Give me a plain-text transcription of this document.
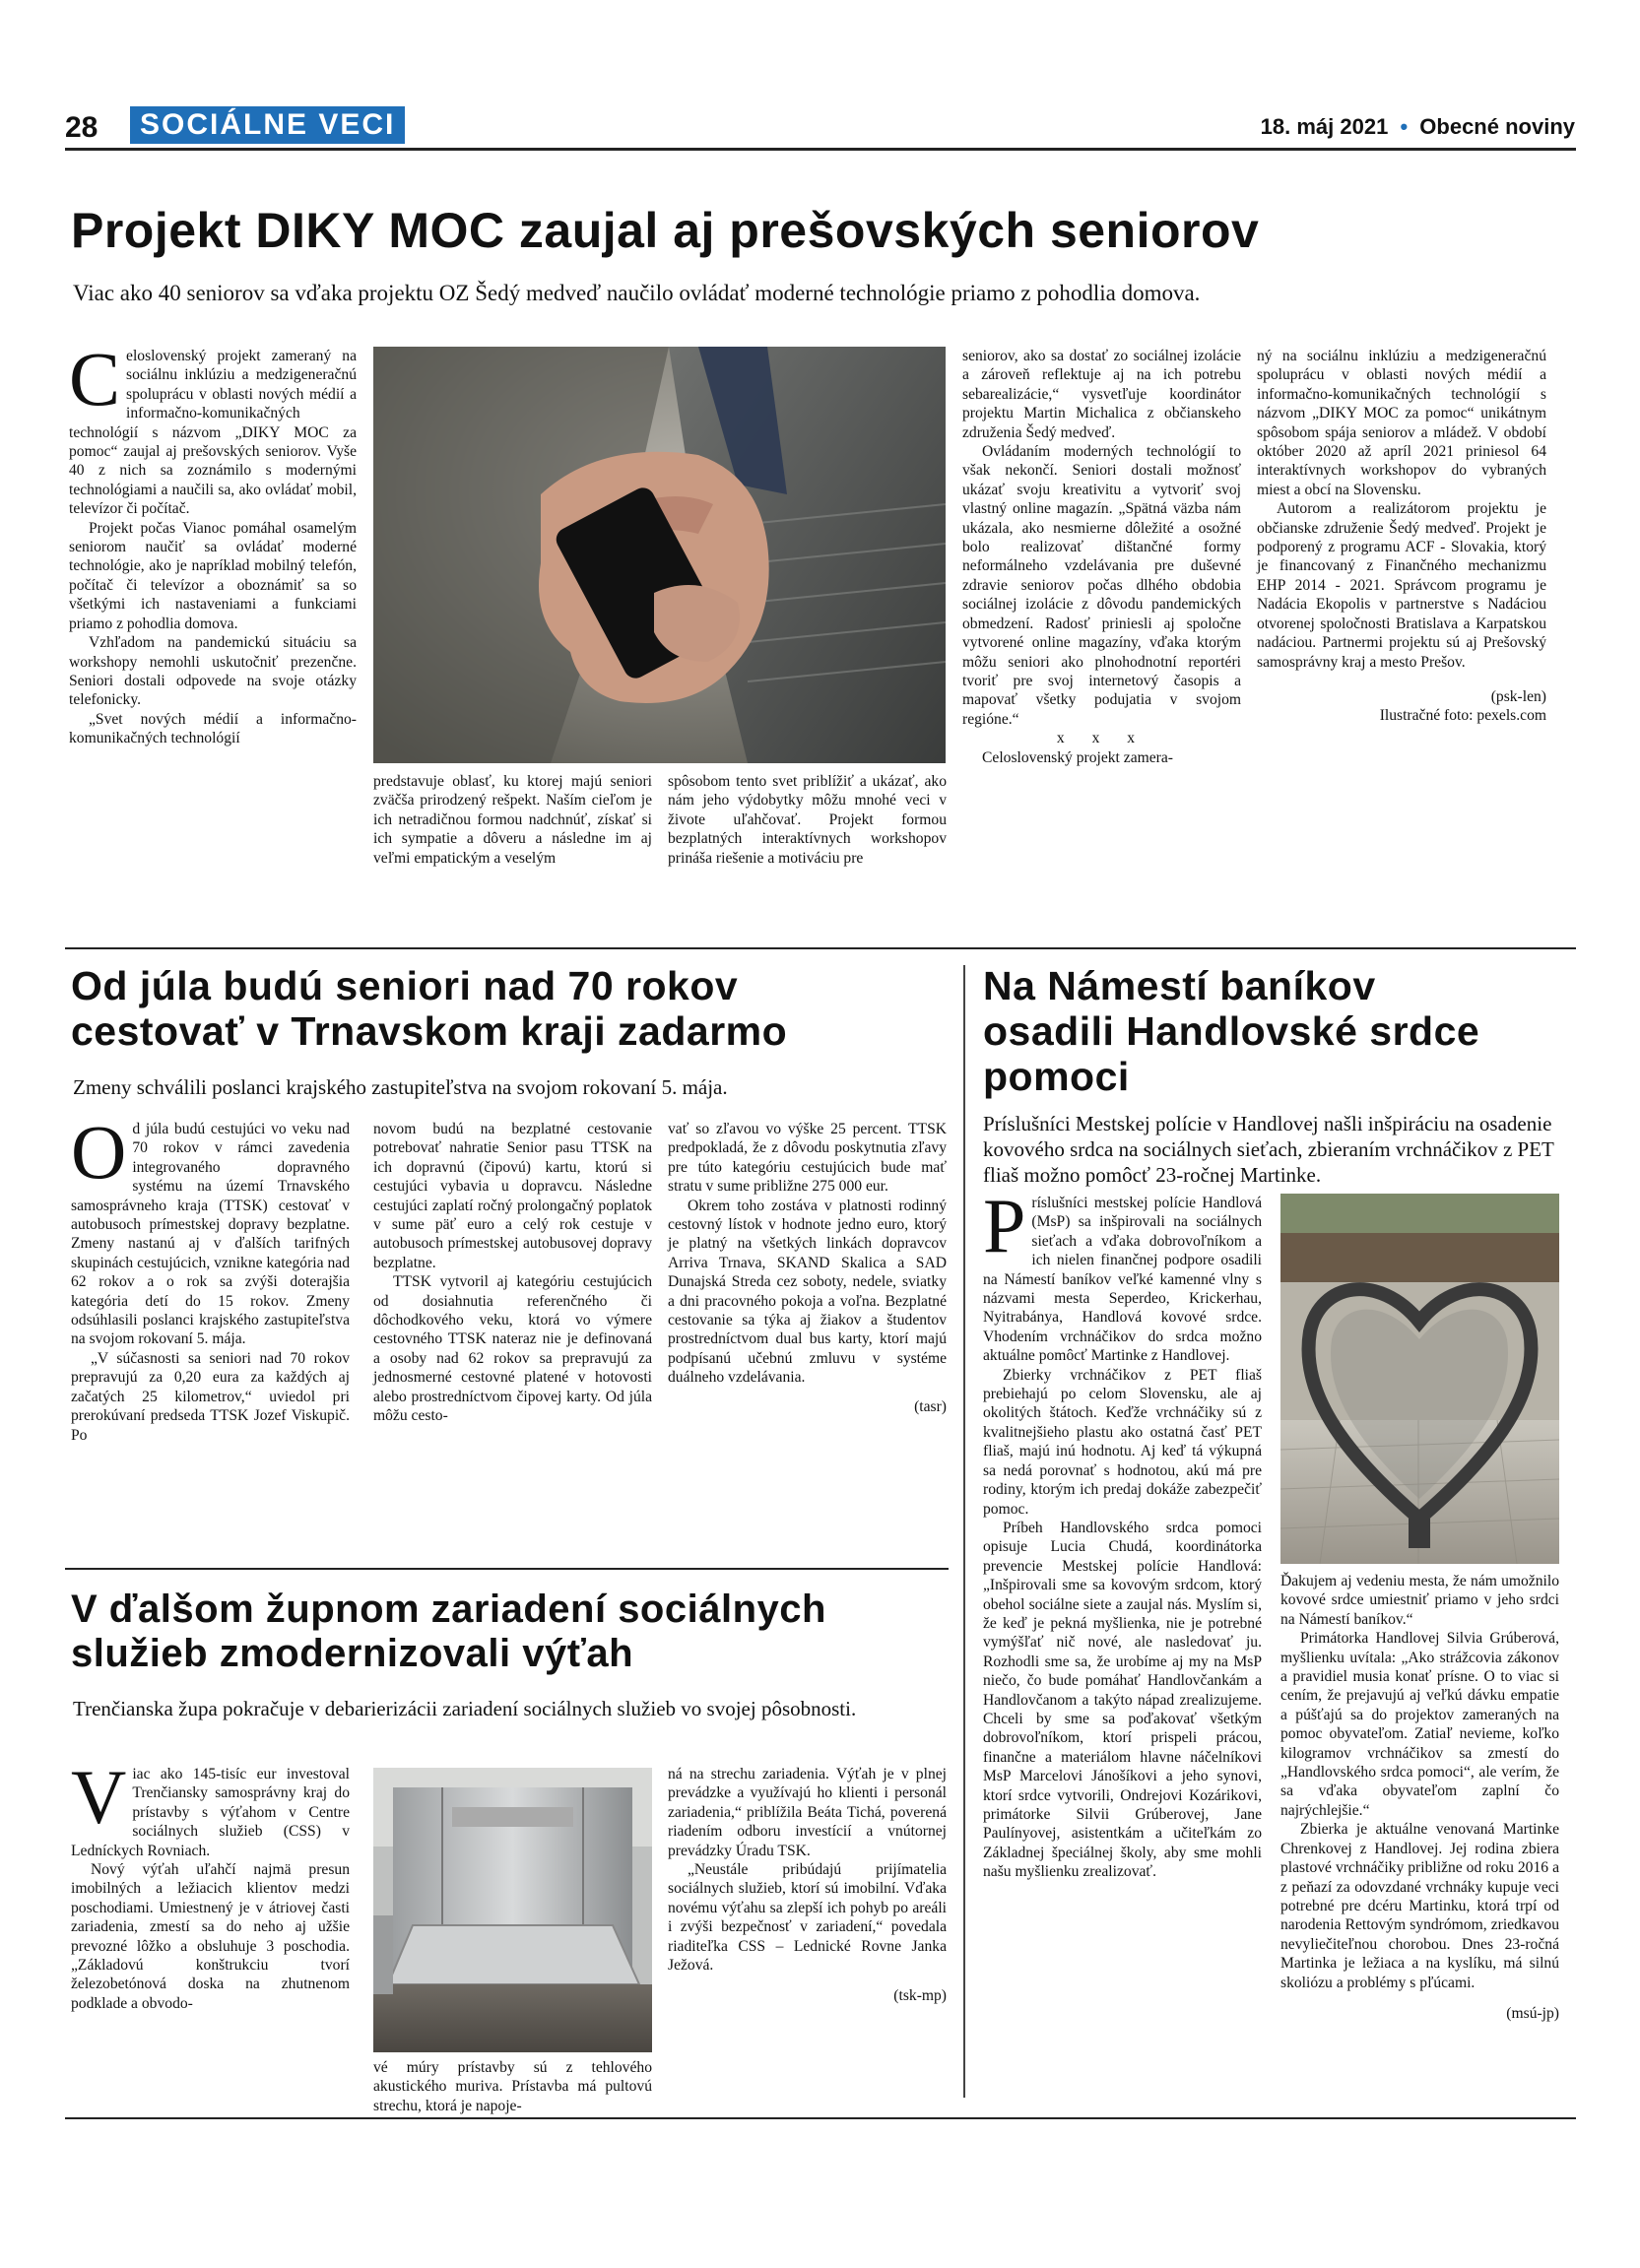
28	SOCIÁLNE VECI	18. máj 2021 • Obecné noviny
Projekt DIKY MOC zaujal aj prešovských seniorov
Viac ako 40 seniorov sa vďaka projektu OZ Šedý medveď naučilo ovládať moderné technológie priamo z pohodlia domova.
C eloslovenský projekt zameraný na sociálnu inklúziu a medzigeneračnú spoluprácu v oblasti nových médií a informačno-komunikačných technológií s názvom „DIKY MOC za pomoc“ zaujal aj prešovských seniorov. Vyše 40 z nich sa zoznámilo s modernými technológiami a naučili sa, ako ovládať mobil, televízor či počítač.

Projekt počas Vianoc pomáhal osamelým seniorom naučiť sa ovládať moderné technológie, ako je napríklad mobilný telefón, počítač či televízor a oboznámiť sa so všetkými ich nastaveniami a funkciami priamo z pohodlia domova.

Vzhľadom na pandemickú situáciu sa workshopy nemohli uskutočniť prezenčne. Seniori dostali odpovede na svoje otázky telefonicky.

„Svet nových médií a informačno-komunikačných technológií

predstavuje oblasť, ku ktorej majú seniori zväčša prirodzený rešpekt. Naším cieľom je ich netradičnou formou nadchnúť, získať si ich sympatie a dôveru a následne im aj veľmi empatickým a veselým

spôsobom tento svet priblížiť a ukázať, ako nám jeho výdobytky môžu mnohé veci v živote uľahčovať. Projekt formou bezplatných interaktívnych workshopov prináša riešenie a motiváciu pre

seniorov, ako sa dostať zo sociálnej izolácie a zároveň reflektuje aj na ich potrebu sebarealizácie,“ vysvetľuje koordinátor projektu Martin Michalica z občianskeho združenia Šedý medveď.

Ovládaním moderných technológií to však nekončí. Seniori dostali možnosť ukázať svoju kreativitu a vytvoriť svoj vlastný online magazín. „Spätná väzba nám ukázala, ako nesmierne dôležité a osožné bolo realizovať dištančné formy neformálneho vzdelávania pre duševné zdravie seniorov počas dlhého obdobia sociálnej izolácie z dôvodu pandemických obmedzení. Radosť priniesli aj spoločne vytvorené online magazíny, vďaka ktorým môžu seniori ako plnohodnotní reportéri tvoriť pre svoj internetový časopis a mapovať všetky podujatia v svojom regióne.“

x x x

Celoslovenský projekt zamera-

ný na sociálnu inklúziu a medzigeneračnú spoluprácu v oblasti nových médií a informačno-komunikačných technológií s názvom „DIKY MOC za pomoc“ unikátnym spôsobom spája seniorov a mládež. V období október 2020 až apríl 2021 priniesol 64 interaktívnych workshopov do vybraných miest a obcí na Slovensku.

Autorom a realizátorom projektu je občianske združenie Šedý medveď. Projekt je podporený z programu ACF - Slovakia, ktorý je financovaný z Finančného mechanizmu EHP 2014 - 2021. Správcom programu je Nadácia Ekopolis v partnerstve s Nadáciou otvorenej spoločnosti Bratislava a Karpatskou nadáciou. Partnermi projektu sú aj Prešovský samosprávny kraj a mesto Prešov.

(psk-len)
Ilustračné foto: pexels.com
Od júla budú seniori nad 70 rokov
cestovať v Trnavskom kraji zadarmo
Zmeny schválili poslanci krajského zastupiteľstva na svojom rokovaní 5. mája.
O d júla budú cestujúci vo veku nad 70 rokov v rámci zavedenia integrovaného dopravného systému na území Trnavského samosprávneho kraja (TTSK) cestovať v autobusoch prímestskej dopravy bezplatne. Zmeny nastanú aj v ďalších tarifných skupinách cestujúcich, vznikne kategória nad 62 rokov a o rok sa zvýši doterajšia kategória detí do 15 rokov. Zmeny odsúhlasili poslanci krajského zastupiteľstva na svojom rokovaní 5. mája.

„V súčasnosti sa seniori nad 70 rokov prepravujú za 0,20 eura za každých aj začatých 25 kilometrov,“ uviedol pri prerokúvaní predseda TTSK Jozef Viskupič. Po

novom budú na bezplatné cestovanie potrebovať nahratie Senior pasu TTSK na ich dopravnú (čipovú) kartu, ktorú si cestujúci vybavia u dopravcu. Následne cestujúci zaplatí ročný prolongačný poplatok v sume päť euro a celý rok cestuje v autobusoch prímestskej autobusovej dopravy bezplatne.

TTSK vytvoril aj kategóriu cestujúcich od dosiahnutia referenčného či dôchodkového veku, ktorá vo výmere cestovného TTSK nateraz nie je definovaná a osoby nad 62 rokov sa prepravujú za jednosmerné cestovné platené v hotovosti alebo prostredníctvom čipovej karty. Od júla môžu cesto-

vať so zľavou vo výške 25 percent. TTSK predpokladá, že z dôvodu poskytnutia zľavy pre túto kategóriu cestujúcich bude mať stratu v sume približne 275 000 eur.

Okrem toho zostáva v platnosti rodinný cestovný lístok v hodnote jedno euro, ktorý je platný na všetkých linkách dopravcov Arriva Trnava, SKAND Skalica a SAD Dunajská Streda cez soboty, nedele, sviatky a dni pracovného pokoja a voľna. Bezplatné cestovanie sa týka aj žiakov a študentov prostredníctvom dual bus karty, ktorí majú podpísanú učebnú zmluvu v systéme duálneho vzdelávania.

(tasr)
V ďalšom župnom zariadení sociálnych
služieb zmodernizovali výťah
Trenčianska župa pokračuje v debarierizácii zariadení sociálnych služieb vo svojej pôsobnosti.
V iac ako 145-tisíc eur investoval Trenčiansky samosprávny kraj do prístavby s výťahom v Centre sociálnych služieb (CSS) v Ledníckych Rovniach.

Nový výťah uľahčí najmä presun imobilných a ležiacich klientov medzi poschodiami. Umiestnený je v átriovej časti zariadenia, zmestí sa do neho aj užšie prevozné lôžko a obsluhuje 3 poschodia. „Základovú konštrukciu tvorí železobetónová doska na zhutnenom podklade a obvodo-

vé múry prístavby sú z tehlového akustického muriva. Prístavba má pultovú strechu, ktorá je napoje-

ná na strechu zariadenia. Výťah je v plnej prevádzke a využívajú ho klienti i personál zariadenia,“ priblížila Beáta Tichá, poverená riadením odboru investícií a vnútornej prevádzky Úradu TSK.

„Neustále pribúdajú prijímatelia sociálnych služieb, ktorí sú imobilní. Vďaka novému výťahu sa zlepší ich pohyb po areáli i zvýši bezpečnosť v zariadení,“ povedala riaditeľka CSS – Lednické Rovne Janka Ježová.

(tsk-mp)
Na Námestí baníkov
osadili Handlovské srdce
pomoci
Príslušníci Mestskej polície v Handlovej našli inšpiráciu na osadenie kovového srdca na sociálnych sieťach, zbieraním vrchnáčikov z PET fliaš možno pomôcť 23-ročnej Martinke.
P ríslušníci mestskej polície Handlová (MsP) sa inšpirovali na sociálnych sieťach a vďaka dobrovoľníkom a ich nielen finančnej podpore osadili na Námestí baníkov veľké kamenné vlny s názvami mesta Seperdeo, Krickerhau, Nyitrabánya, Handlová kovové srdce. Vhodením vrchnáčikov do srdca možno aktuálne pomôcť Martinke z Handlovej.

Zbierky vrchnáčikov z PET fliaš prebiehajú po celom Slovensku, ale aj okolitých štátoch. Keďže vrchnáčiky sú z kvalitnejšieho plastu ako ostatná časť PET fliaš, majú inú hodnotu. Aj keď tá výkupná sa nedá porovnať s hodnotou, akú má pre rodiny, ktorým ich predaj dokáže zabezpečiť pomoc.

Príbeh Handlovského srdca pomoci opisuje Lucia Chudá, koordinátorka prevencie Mestskej polície Handlová: „Inšpirovali sme sa kovovým srdcom, ktorý obehol sociálne siete a zaujal nás. Myslím si, že keď je pekná myšlienka, nie je potrebné vymýšľať nič nové, ale nasledovať ju. Rozhodli sme sa, že urobíme aj my na MsP niečo, čo bude pomáhať Handlovčankám a Handlovčanom a takýto nápad zrealizujeme. Chceli by sme sa poďakovať všetkým dobrovoľníkom, ktorí prispeli prácou, finančne a materiálom hlavne náčelníkovi MsP Marcelovi Jánošíkovi a jeho synovi, ktorí srdce vytvorili, Ondrejovi Kozárikovi, primátorke Silvii Grúberovej, Jane Paulínyovej, asistentkám a učiteľkám zo Základnej špeciálnej školy, aby sme mohli našu myšlienku zrealizovať.

Ďakujem aj vedeniu mesta, že nám umožnilo kovové srdce umiestniť priamo v jeho srdci na Námestí baníkov.“

Primátorka Handlovej Silvia Grúberová, myšlienku uvítala: „Ako strážcovia zákonov a pravidiel musia konať prísne. O to viac si cením, že prejavujú aj veľkú dávku empatie a púšťajú sa do projektov zameraných na pomoc obyvateľom. Zatiaľ nevieme, koľko kilogramov vrchnáčikov sa zmestí do „Handlovského srdca pomoci“, ale verím, že sa vďaka obyvateľom zaplní čo najrýchlejšie.“

Zbierka je aktuálne venovaná Martinke Chrenkovej z Handlovej. Jej rodina zbiera plastové vrchnáčiky približne od roku 2016 a z peňazí za odovzdané vrchnáky kupuje veci potrebné pre dcéru Martinku, ktorá trpí od narodenia Rettovým syndrómom, zriedkavou nevyliečiteľnou chorobou. Dnes 23-ročná Martinka je ležiaca a na kyslíku, má silnú skoliózu a problémy s pľúcami.

(msú-jp)
